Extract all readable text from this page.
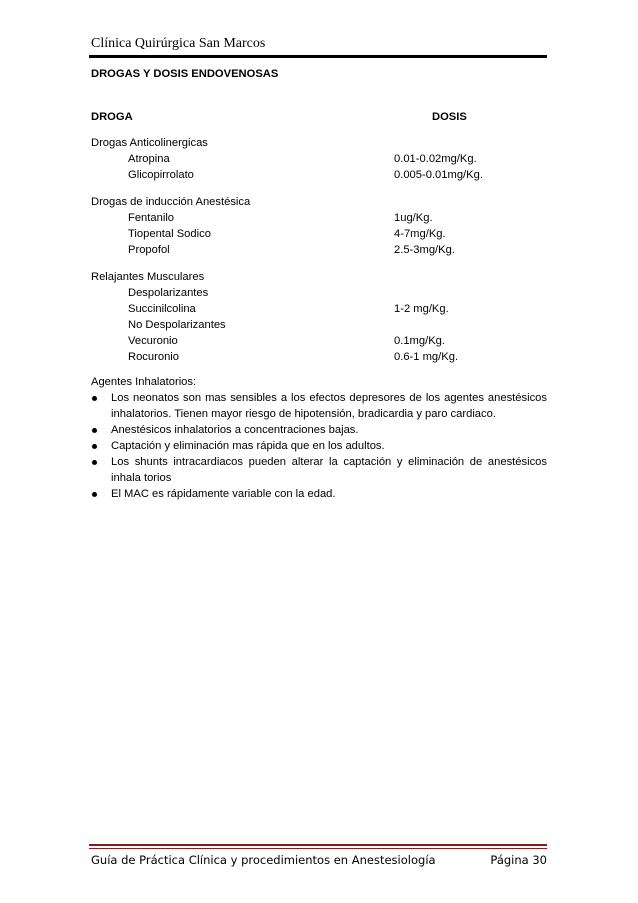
Clínica Quirúrgica San Marcos
DROGAS Y DOSIS ENDOVENOSAS
DROGA	DOSIS
Drogas Anticolinergicas
Atropina	0.01-0.02mg/Kg.
Glicopirrolato	0.005-0.01mg/Kg.
Drogas de inducción Anestésica
Fentanilo	1ug/Kg.
Tiopental Sodico	4-7mg/Kg.
Propofol	2.5-3mg/Kg.
Relajantes Musculares
Despolarizantes
Succinilcolina	1-2 mg/Kg.
No Despolarizantes
Vecuronio	0.1mg/Kg.
Rocuronio	0.6-1 mg/Kg.
Agentes Inhalatorios:
Los neonatos son mas sensibles a los efectos depresores de los agentes anestésicos inhalatorios. Tienen mayor riesgo de hipotensión, bradicardia y paro cardiaco.
Anestésicos inhalatorios a concentraciones bajas.
Captación y eliminación mas rápida que en los adultos.
Los shunts intracardiacos pueden alterar la captación y eliminación de anestésicos inhala torios
El MAC es rápidamente variable con la edad.
Guía de Práctica Clínica y procedimientos en Anestesiología	Página 30
